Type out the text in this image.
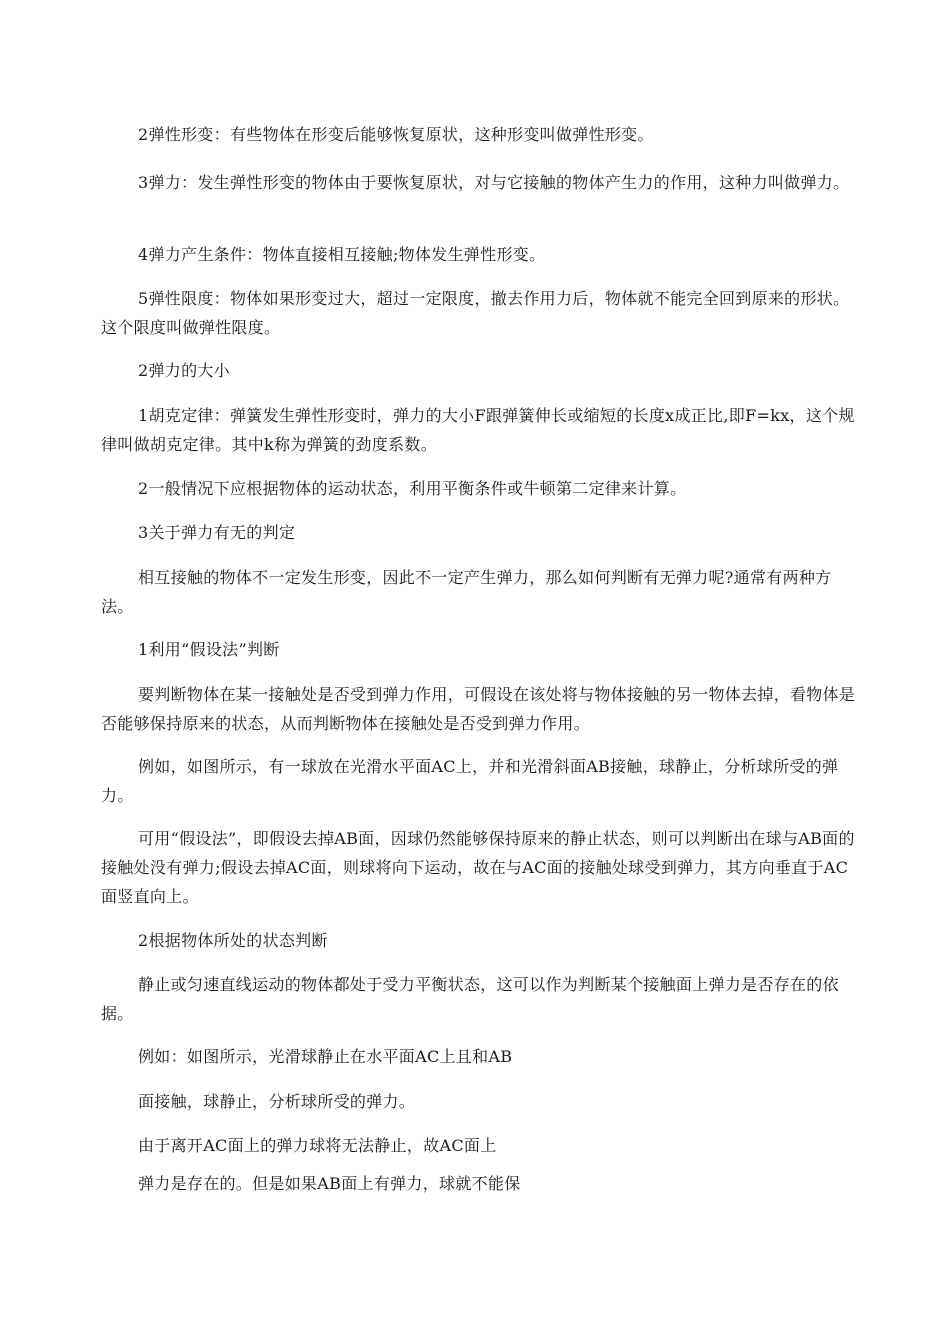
2弹性形变：有些物体在形变后能够恢复原状，这种形变叫做弹性形变。

3弹力：发生弹性形变的物体由于要恢复原状，对与它接触的物体产生力的作用，这种力叫做弹力。

4弹力产生条件：物体直接相互接触;物体发生弹性形变。

5弹性限度：物体如果形变过大，超过一定限度，撤去作用力后，物体就不能完全回到原来的形状。这个限度叫做弹性限度。

2弹力的大小

1胡克定律：弹簧发生弹性形变时，弹力的大小F跟弹簧伸长或缩短的长度x成正比,即F=kx，这个规律叫做胡克定律。其中k称为弹簧的劲度系数。

2一般情况下应根据物体的运动状态，利用平衡条件或牛顿第二定律来计算。

3关于弹力有无的判定

相互接触的物体不一定发生形变，因此不一定产生弹力，那么如何判断有无弹力呢?通常有两种方法。

1利用“假设法”判断

要判断物体在某一接触处是否受到弹力作用，可假设在该处将与物体接触的另一物体去掉，看物体是否能够保持原来的状态，从而判断物体在接触处是否受到弹力作用。

例如，如图所示，有一球放在光滑水平面AC上，并和光滑斜面AB接触，球静止，分析球所受的弹力。

可用“假设法”，即假设去掉AB面，因球仍然能够保持原来的静止状态，则可以判断出在球与AB面的接触处没有弹力;假设去掉AC面，则球将向下运动，故在与AC面的接触处球受到弹力，其方向垂直于AC面竖直向上。

2根据物体所处的状态判断

静止或匀速直线运动的物体都处于受力平衡状态，这可以作为判断某个接触面上弹力是否存在的依据。

例如：如图所示，光滑球静止在水平面AC上且和AB

面接触，球静止，分析球所受的弹力。

由于离开AC面上的弹力球将无法静止，故AC面上

弹力是存在的。但是如果AB面上有弹力，球就不能保
